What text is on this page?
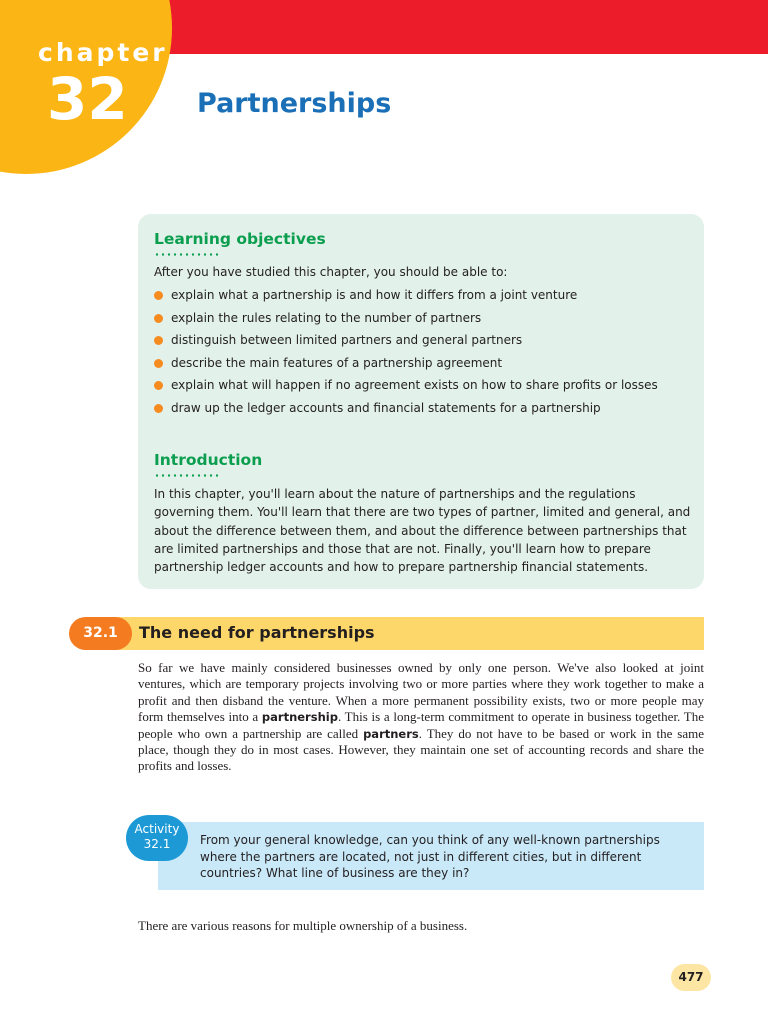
chapter
32	Partnerships
Learning objectives
After you have studied this chapter, you should be able to:
explain what a partnership is and how it differs from a joint venture
explain the rules relating to the number of partners
distinguish between limited partners and general partners
describe the main features of a partnership agreement
explain what will happen if no agreement exists on how to share profits or losses
draw up the ledger accounts and financial statements for a partnership
Introduction

In this chapter, you'll learn about the nature of partnerships and the regulations governing them. You'll learn that there are two types of partner, limited and general, and about the difference between them, and about the difference between partnerships that are limited partnerships and those that are not. Finally, you'll learn how to prepare partnership ledger accounts and how to prepare partnership financial statements.

32.1	The need for partnerships

So far we have mainly considered businesses owned by only one person. We've also looked at joint ventures, which are temporary projects involving two or more parties where they work together to make a profit and then disband the venture. When a more permanent possibility exists, two or more people may form themselves into a partnership. This is a long-term commitment to operate in business together. The people who own a partnership are called partners. They do not have to be based or work in the same place, though they do in most cases. However, they maintain one set of accounting records and share the profits and losses.

Activity
32.1	From your general knowledge, can you think of any well-known partnerships where the partners are located, not just in different cities, but in different countries? What line of business are they in?

There are various reasons for multiple ownership of a business.

477
